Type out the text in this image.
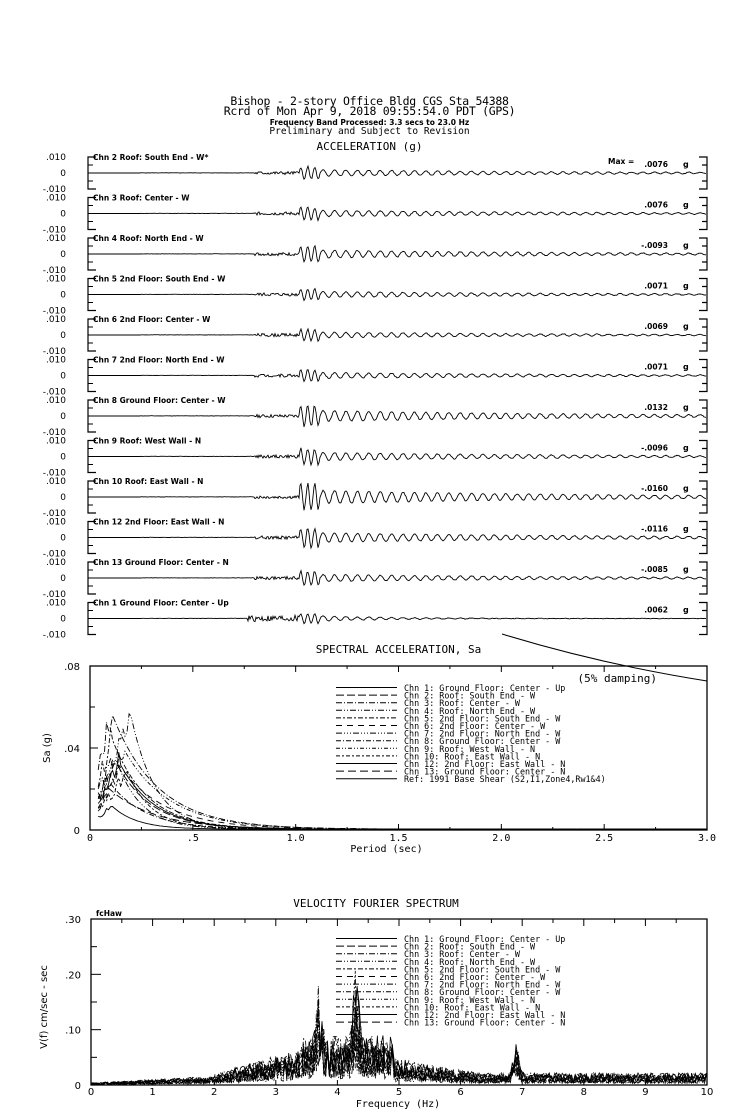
Bishop - 2-story Office Bldg CGS Sta 54388
Rcrd of Mon Apr 9, 2018 09:55:54.0 PDT (GPS)
Frequency Band Processed: 3.3 secs to 23.0 Hz
Preliminary and Subject to Revision
ACCELERATION (g)
.010
0
-.010
Chn 2 Roof: South End - W*	Max = .0076 g
.010
0
-.010
Chn 3 Roof: Center - W
.0076 g
.010
0
-.010
Chn 4 Roof: North End - W
-.0093 g
.010
0
-.010
Chn 5 2nd Floor: South End - W
.0071 g
.010
0
-.010
Chn 6 2nd Floor: Center - W
.0069 g
.010
0
-.010
Chn 7 2nd Floor: North End - W
.0071 g
.010
0
-.010
Chn 8 Ground Floor: Center - W
.0132 g
.010
0
-.010
Chn 9 Roof: West Wall - N
-.0096 g
.010
0
-.010
Chn 10 Roof: East Wall - N
-.0160 g
.010
0
-.010
Chn 12 2nd Floor: East Wall - N
-.0116 g
.010
0
-.010
Chn 13 Ground Floor: Center - N
-.0085 g
.010
0
-.010
Chn 1 Ground Floor: Center - Up
.0062 g
SPECTRAL ACCELERATION, Sa
0	.5	1.0	1.5	2.0	2.5	3.0
0
.04
.08
Period (sec)
Sa (g)
(5% damping)
Chn 1: Ground Floor: Center - Up
Chn 2: Roof: South End - W
Chn 3: Roof: Center - W
Chn 4: Roof: North End - W
Chn 5: 2nd Floor: South End - W
Chn 6: 2nd Floor: Center - W
Chn 7: 2nd Floor: North End - W
Chn 8: Ground Floor: Center - W
Chn 9: Roof: West Wall - N
Chn 10: Roof: East Wall - N
Chn 12: 2nd Floor: East Wall - N
Chn 13: Ground Floor: Center - N
Ref: 1991 Base Shear (S2,I1,Zone4,Rw1&4)
VELOCITY FOURIER SPECTRUM
fcHaw
0	1	2	3	4	5	6	7	8	9	10
0
.10
.20
.30
Frequency (Hz)
V(f) cm/sec - sec
Chn 1: Ground Floor: Center - Up
Chn 2: Roof: South End - W
Chn 3: Roof: Center - W
Chn 4: Roof: North End - W
Chn 5: 2nd Floor: South End - W
Chn 6: 2nd Floor: Center - W
Chn 7: 2nd Floor: North End - W
Chn 8: Ground Floor: Center - W
Chn 9: Roof: West Wall - N
Chn 10: Roof: East Wall - N
Chn 12: 2nd Floor: East Wall - N
Chn 13: Ground Floor: Center - N
